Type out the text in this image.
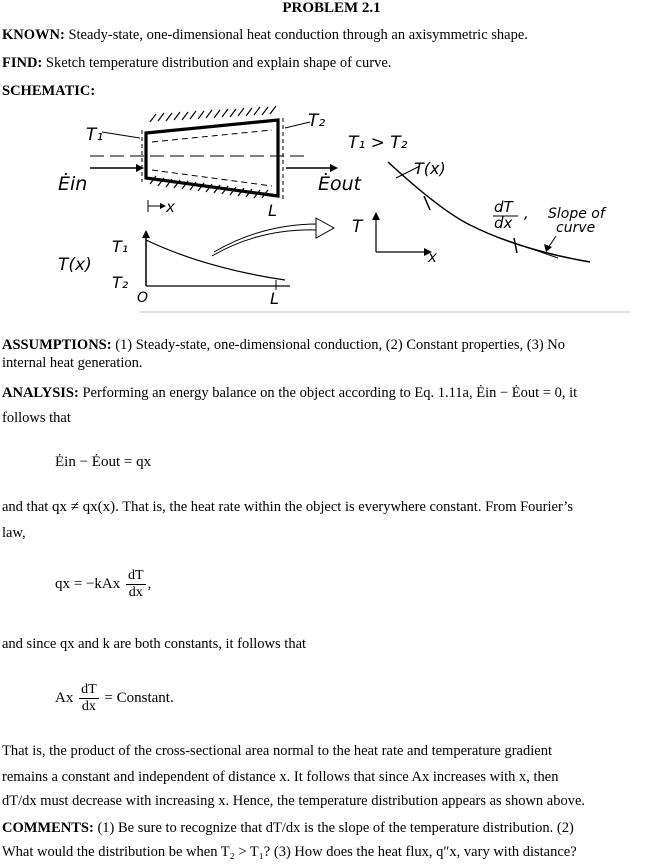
PROBLEM 2.1
KNOWN: Steady-state, one-dimensional heat conduction through an axisymmetric shape.
FIND: Sketch temperature distribution and explain shape of curve.
SCHEMATIC:
T₁
T₂
Ėin	Ėout
x	L
T₁ > T₂
T(x)
dT
dx
, Slope of
curve
T
x
T(x)
T₁
T₂
O	L
ASSUMPTIONS: (1) Steady-state, one-dimensional conduction, (2) Constant properties, (3) No
internal heat generation.
ANALYSIS: Performing an energy balance on the object according to Eq. 1.11a, Ėin − Ėout = 0, it
follows that
Ėin − Ėout = qx
and that qx ≠ qx(x). That is, the heat rate within the object is everywhere constant. From Fourier’s
law,
qx = $-kAx \frac{dT}{dx}$ ,
and since qx and k are both constants, it follows that
Ax $\frac{dT}{dx}$ = Constant.
That is, the product of the cross-sectional area normal to the heat rate and temperature gradient
remains a constant and independent of distance x. It follows that since Ax increases with x, then
dT/dx must decrease with increasing x. Hence, the temperature distribution appears as shown above.
COMMENTS: (1) Be sure to recognize that dT/dx is the slope of the temperature distribution. (2)
What would the distribution be when T₂ > T₁? (3) How does the heat flux, q″x, vary with distance?
